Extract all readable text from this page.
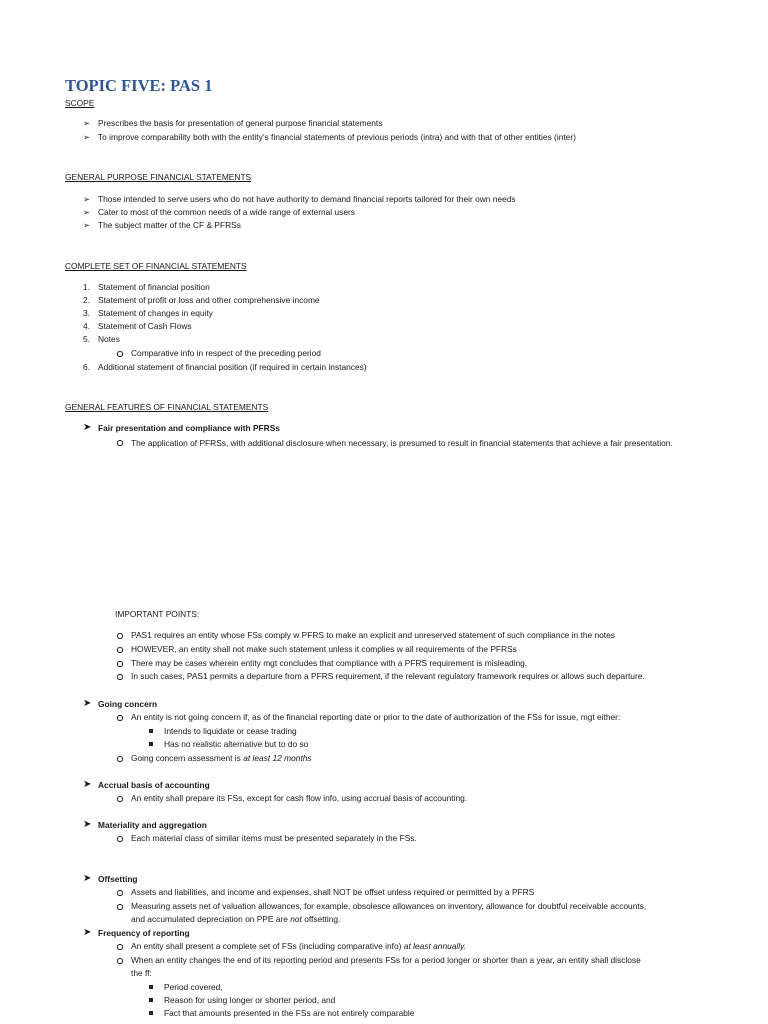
TOPIC FIVE: PAS 1
SCOPE
➢ Prescribes the basis for presentation of general purpose financial statements
➢ To improve comparability both with the entity’s financial statements of previous periods (intra) and with that of other entities (inter)
GENERAL PURPOSE FINANCIAL STATEMENTS
➢ Those intended to serve users who do not have authority to demand financial reports tailored for their own needs
➢ Cater to most of the common needs of a wide range of external users
➢ The subject matter of the CF & PFRSs
COMPLETE SET OF FINANCIAL STATEMENTS
1. Statement of financial position
2. Statement of profit or loss and other comprehensive income
3. Statement of changes in equity
4. Statement of Cash Flows
5. Notes
Comparative info in respect of the preceding period
6. Additional statement of financial position (if required in certain instances)
GENERAL FEATURES OF FINANCIAL STATEMENTS
➤ Fair presentation and compliance with PFRSs
The application of PFRSs, with additional disclosure when necessary, is presumed to result in financial statements that achieve a fair presentation.
IMPORTANT POINTS:
PAS1 requires an entity whose FSs comply w PFRS to make an explicit and unreserved statement of such compliance in the notes
HOWEVER, an entity shall not make such statement unless it complies w all requirements of the PFRSs
There may be cases wherein entity mgt concludes that compliance with a PFRS requirement is misleading.
In such cases, PAS1 permits a departure from a PFRS requirement, if the relevant regulatory framework requires or allows such departure.
➤ Going concern
An entity is not going concern if, as of the financial reporting date or prior to the date of authorization of the FSs for issue, mgt either:
Intends to liquidate or cease trading
Has no realistic alternative but to do so
Going concern assessment is at least 12 months
➤ Accrual basis of accounting
An entity shall prepare its FSs, except for cash flow info, using accrual basis of accounting.
➤ Materiality and aggregation
Each material class of similar items must be presented separately in the FSs.
➤ Offsetting
Assets and liabilities, and income and expenses, shall NOT be offset unless required or permitted by a PFRS
Measuring assets net of valuation allowances, for example, obsolesce allowances on inventory, allowance for doubtful receivable accounts,
and accumulated depreciation on PPE are not offsetting.
➤ Frequency of reporting
An entity shall present a complete set of FSs (including comparative info) at least annually.
When an entity changes the end of its reporting period and presents FSs for a period longer or shorter than a year, an entity shall disclose
the ff:
Period covered,
Reason for using longer or shorter period, and
Fact that amounts presented in the FSs are not entirely comparable
